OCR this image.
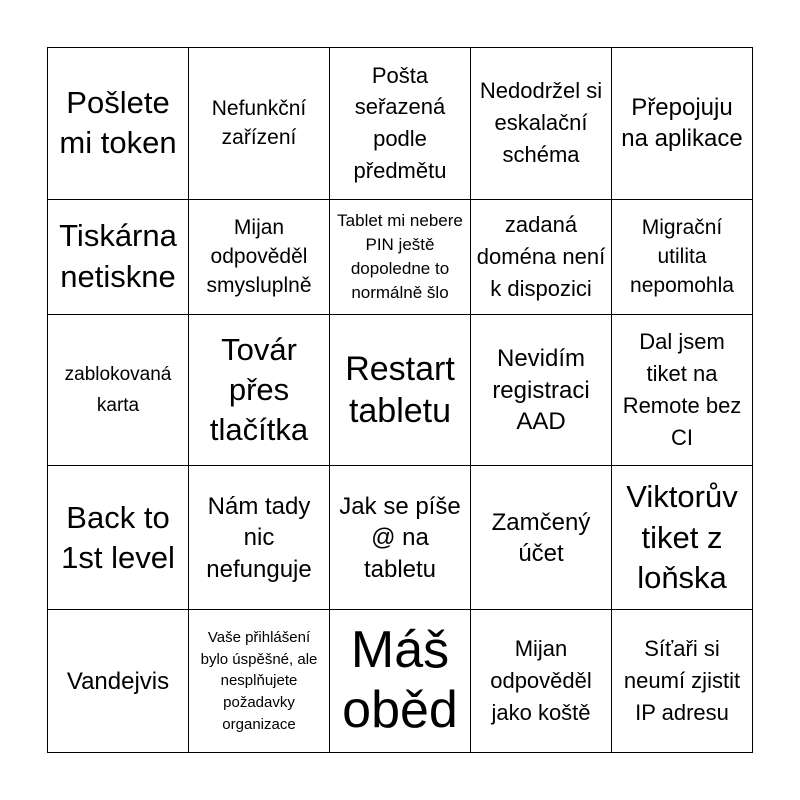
Pošlete mi token	Nefunkční zařízení	Pošta seřazená podle předmětu	Nedodržel si eskalační schéma	Přepojuju na aplikace
Tiskárna netiskne	Mijan odpověděl smysluplně	Tablet mi nebere PIN ještě dopoledne to normálně šlo	zadaná doména není k dispozici	Migrační utilita nepomohla
zablokovaná karta	Továr přes tlačítka	Restart tabletu	Nevidím registraci AAD	Dal jsem tiket na Remote bez CI
Back to 1st level	Nám tady nic nefunguje	Jak se píše @ na tabletu	Zamčený účet	Viktorův tiket z loňska
Vandejvis	Vaše přihlášení bylo úspěšné, ale nesplňujete požadavky organizace	Máš oběd	Mijan odpověděl jako koště	Síťaři si neumí zjistit IP adresu
